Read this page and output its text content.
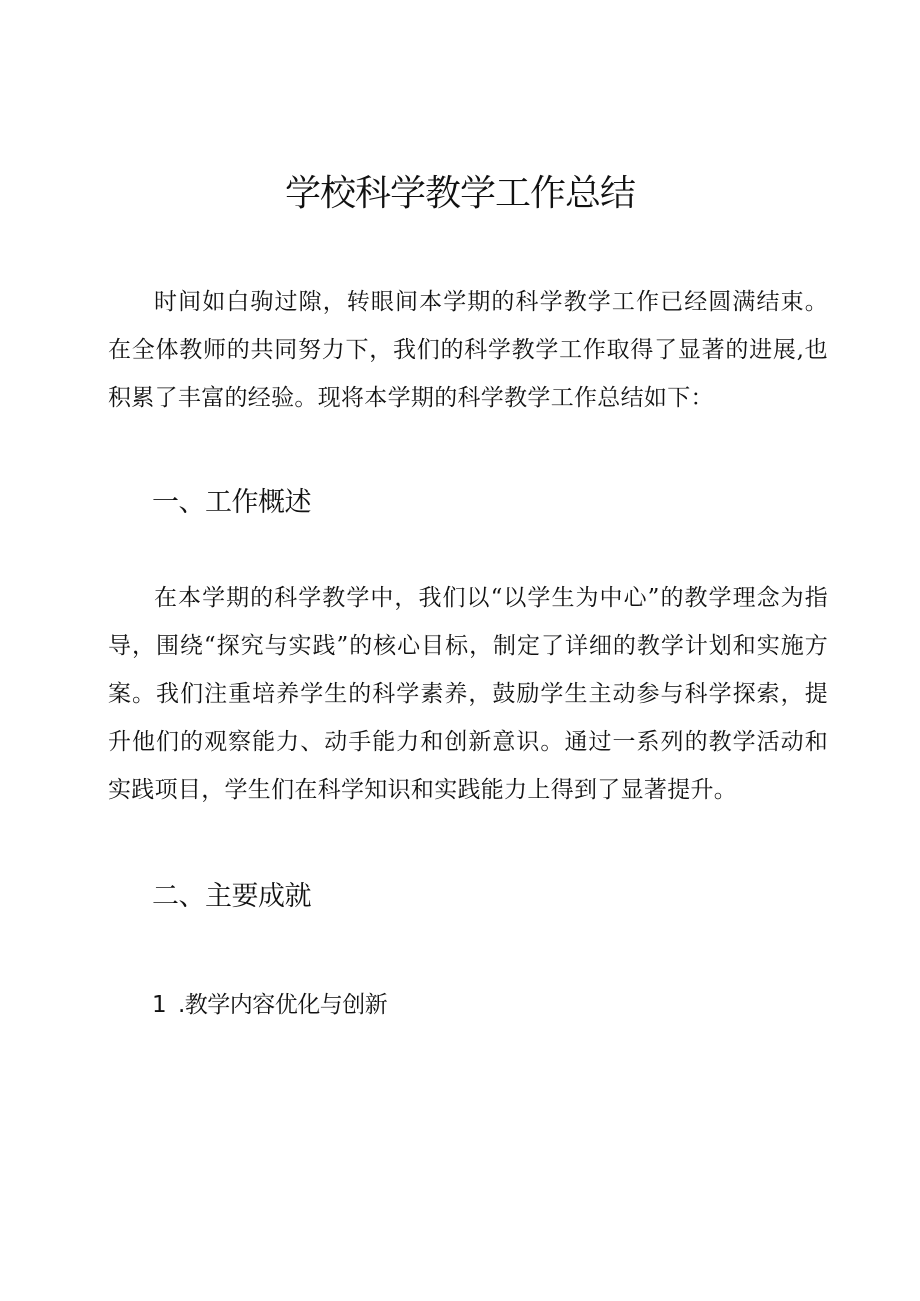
学校科学教学工作总结

时间如白驹过隙，转眼间本学期的科学教学工作已经圆满结束。在全体教师的共同努力下，我们的科学教学工作取得了显著的进展,也积累了丰富的经验。现将本学期的科学教学工作总结如下：

一、工作概述

在本学期的科学教学中，我们以“以学生为中心”的教学理念为指导，围绕“探究与实践”的核心目标，制定了详细的教学计划和实施方案。我们注重培养学生的科学素养，鼓励学生主动参与科学探索，提升他们的观察能力、动手能力和创新意识。通过一系列的教学活动和实践项目，学生们在科学知识和实践能力上得到了显著提升。

二、主要成就
1 .教学内容优化与创新
